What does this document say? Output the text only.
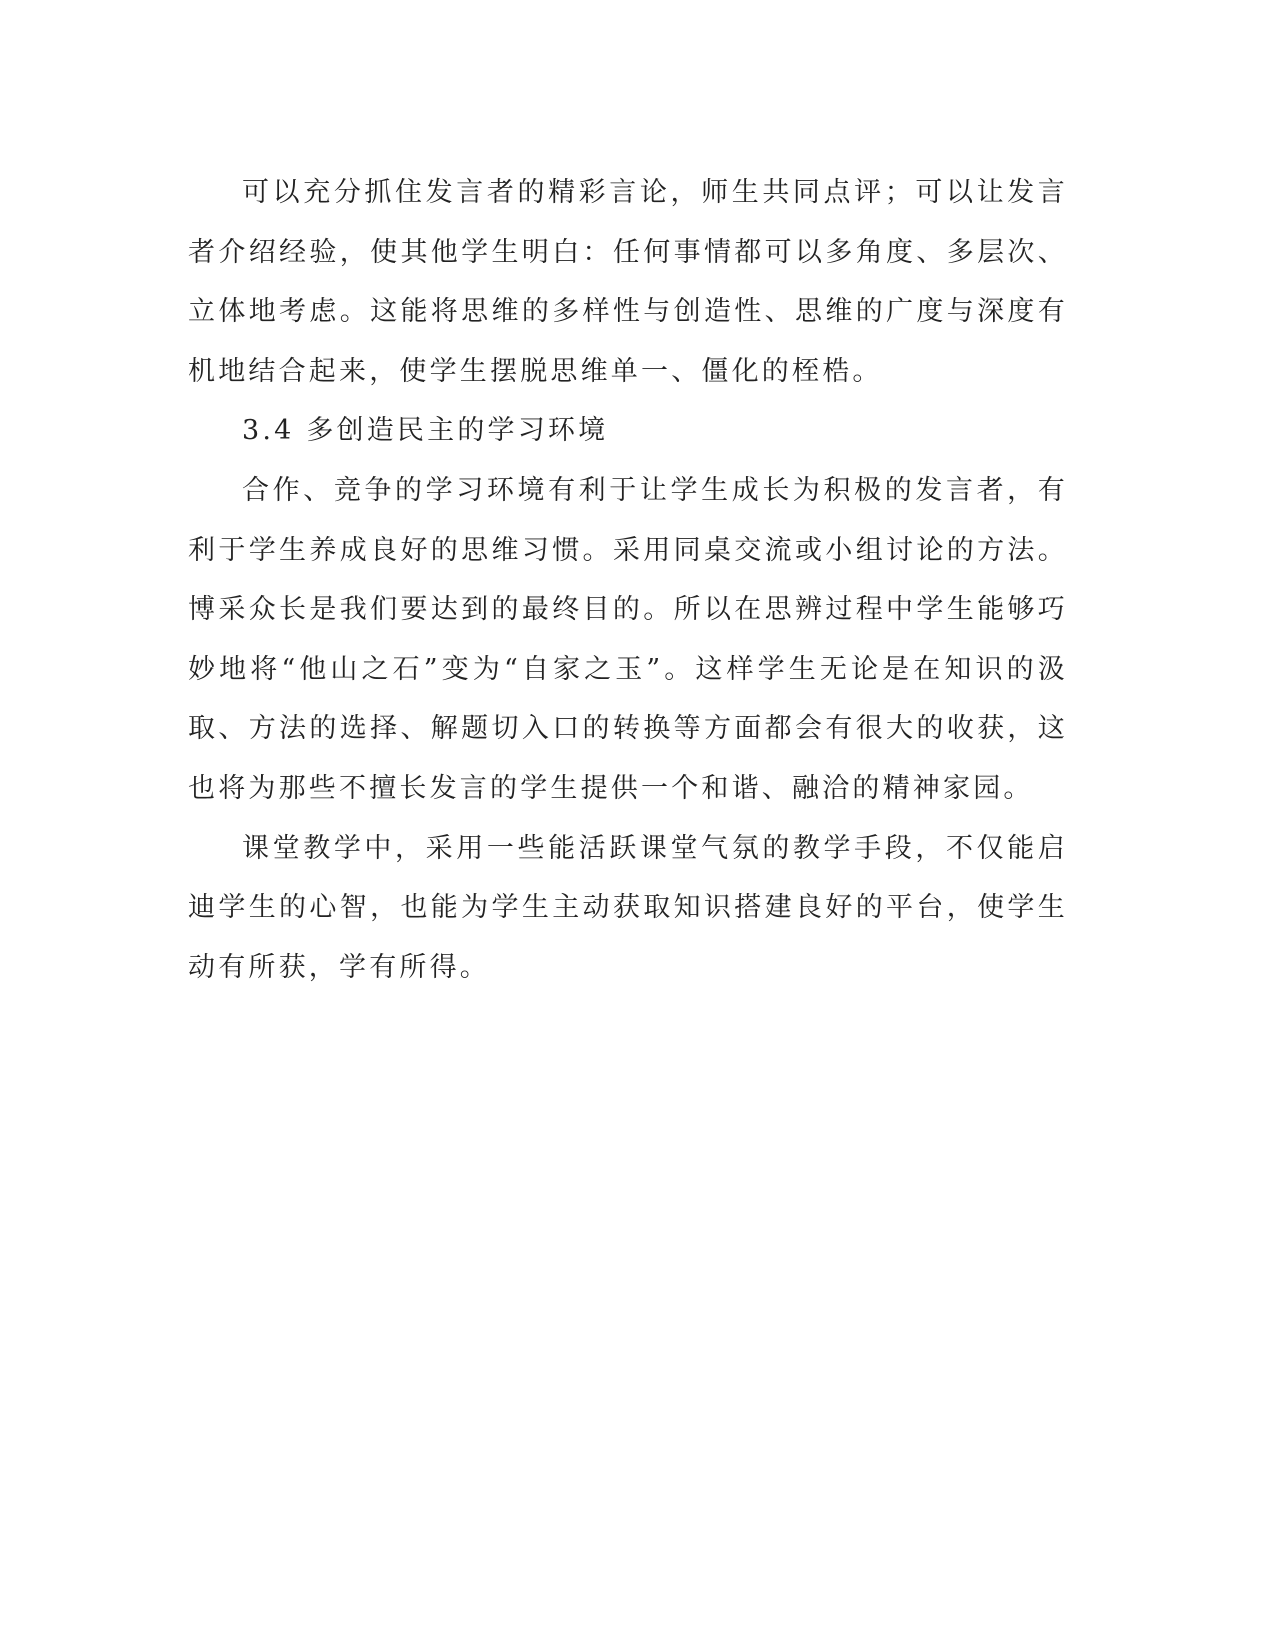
可以充分抓住发言者的精彩言论，师生共同点评；可以让发言者介绍经验，使其他学生明白：任何事情都可以多角度、多层次、立体地考虑。这能将思维的多样性与创造性、思维的广度与深度有机地结合起来，使学生摆脱思维单一、僵化的桎梏。

3.4 多创造民主的学习环境

合作、竞争的学习环境有利于让学生成长为积极的发言者，有利于学生养成良好的思维习惯。采用同桌交流或小组讨论的方法。博采众长是我们要达到的最终目的。所以在思辨过程中学生能够巧妙地将“他山之石”变为“自家之玉”。这样学生无论是在知识的汲取、方法的选择、解题切入口的转换等方面都会有很大的收获，这也将为那些不擅长发言的学生提供一个和谐、融洽的精神家园。

课堂教学中，采用一些能活跃课堂气氛的教学手段，不仅能启迪学生的心智，也能为学生主动获取知识搭建良好的平台，使学生动有所获，学有所得。
